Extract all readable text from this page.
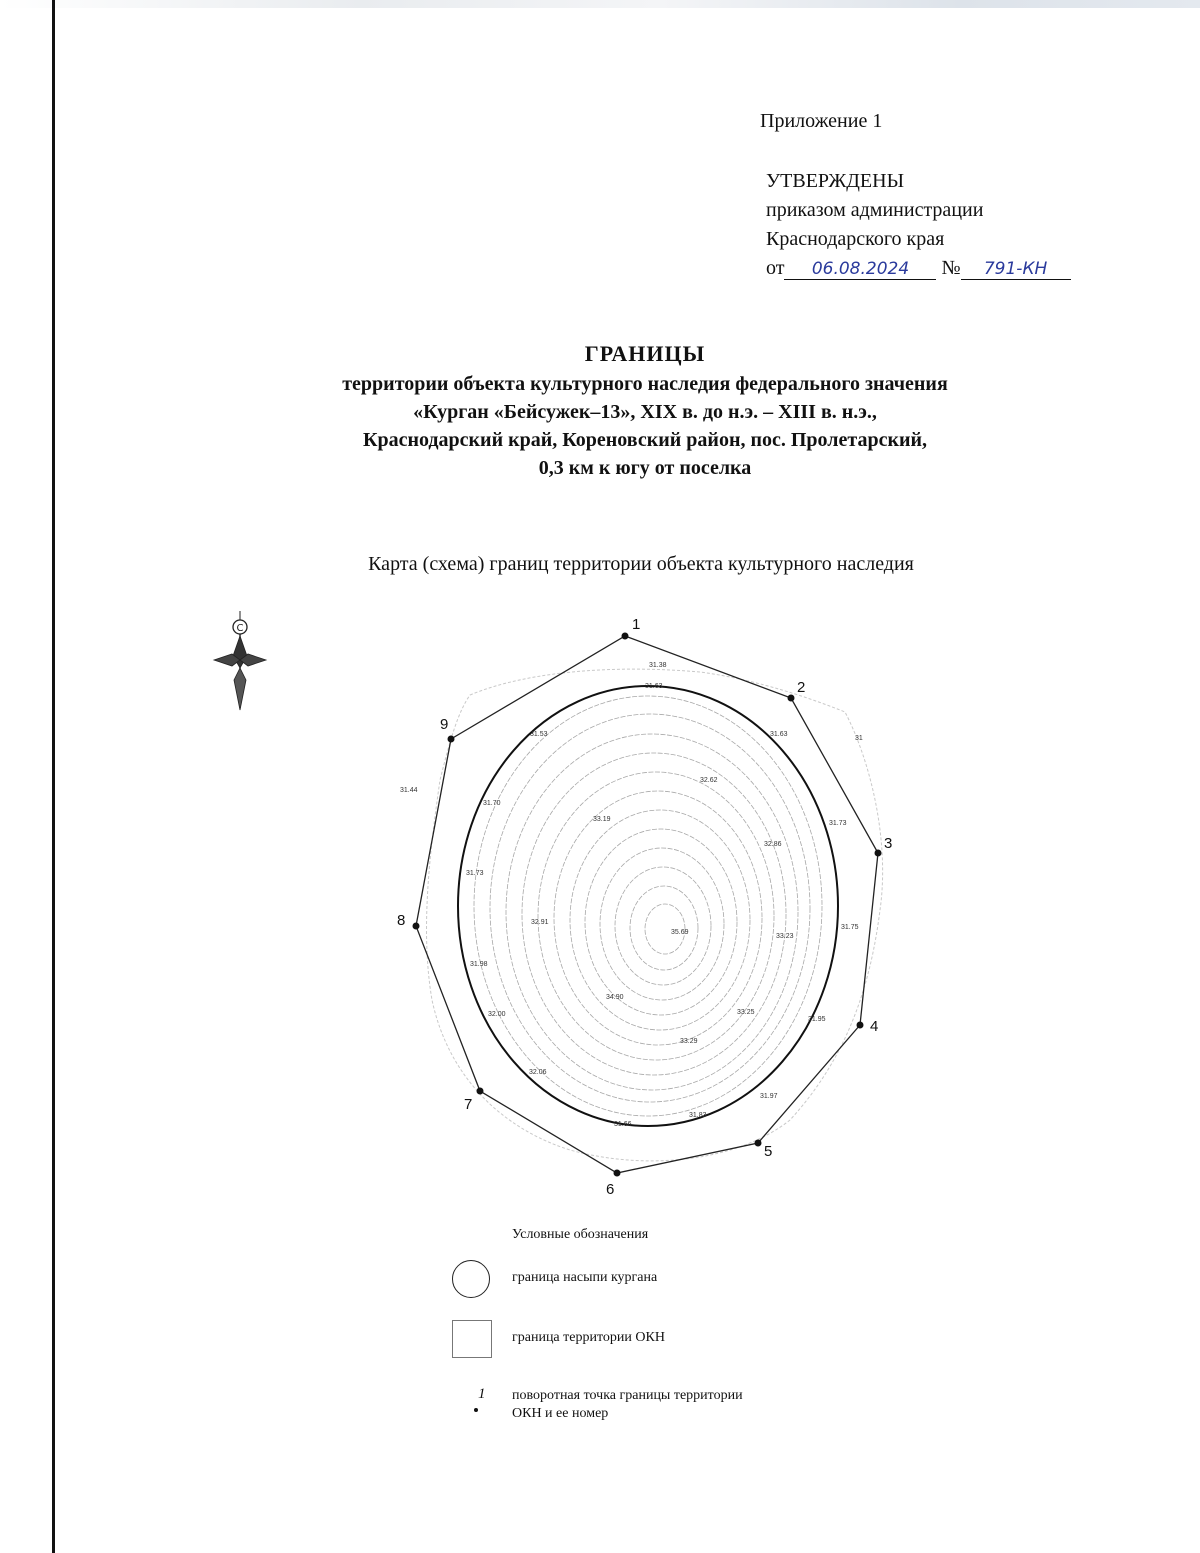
Приложение 1
УТВЕРЖДЕНЫ
приказом администрации
Краснодарского края
от 06.08.2024 № 791-КН
ГРАНИЦЫ
территории объекта культурного наследия федерального значения
«Курган «Бейсужек–13», XIX в. до н.э. – XIII в. н.э.,
Краснодарский край, Кореновский район, пос. Пролетарский,
0,3 км к югу от поселка
Карта (схема) границ территории объекта культурного наследия
C	1
2
3
4
5
6
7
8
9
31.38
31.63
31.63
32.62
33.19
31.53
31.70
31.73
32.91
32.86
35.69
33.23
31.75
31.73
31.98
32.00
34.90
33.25
31.95
33.29
32.06
31.97
31.83
31.66
31.44
31
Условные обозначения
граница насыпи кургана
граница территории ОКН
1 поворотная точка границы территории
ОКН и ее номер
